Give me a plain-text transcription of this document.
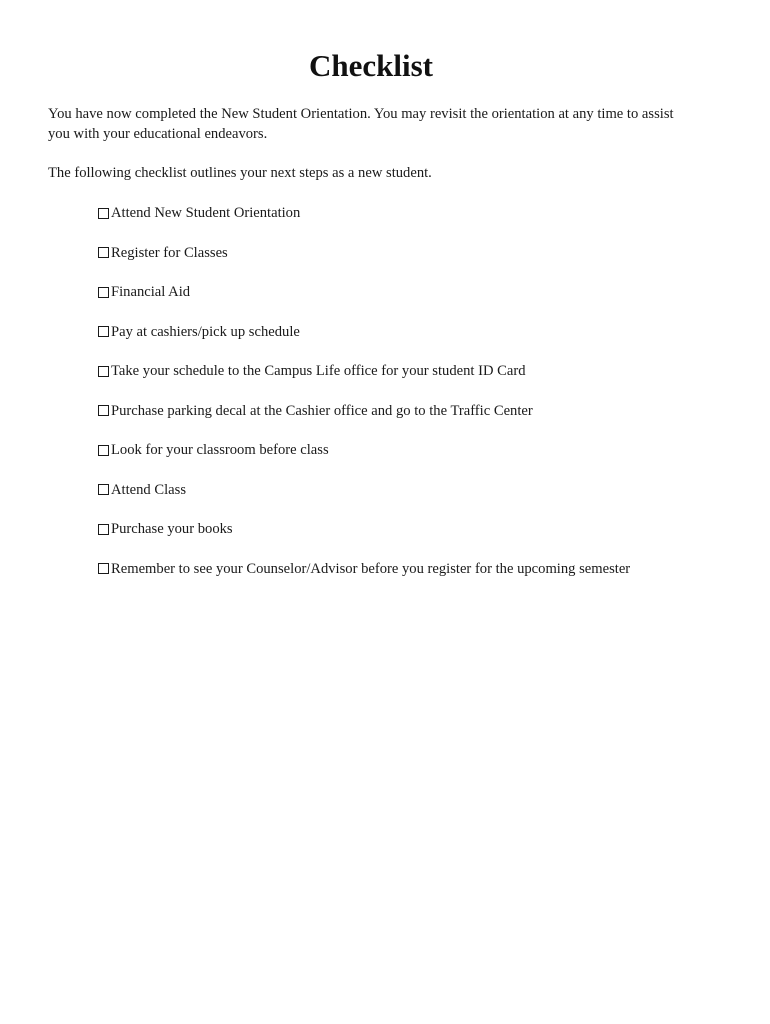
Checklist

You have now completed the New Student Orientation. You may revisit the orientation at any time to assist you with your educational endeavors.

The following checklist outlines your next steps as a new student.

Attend New Student Orientation
Register for Classes
Financial Aid
Pay at cashiers/pick up schedule
Take your schedule to the Campus Life office for your student ID Card
Purchase parking decal at the Cashier office and go to the Traffic Center
Look for your classroom before class
Attend Class
Purchase your books
Remember to see your Counselor/Advisor before you register for the upcoming semester
